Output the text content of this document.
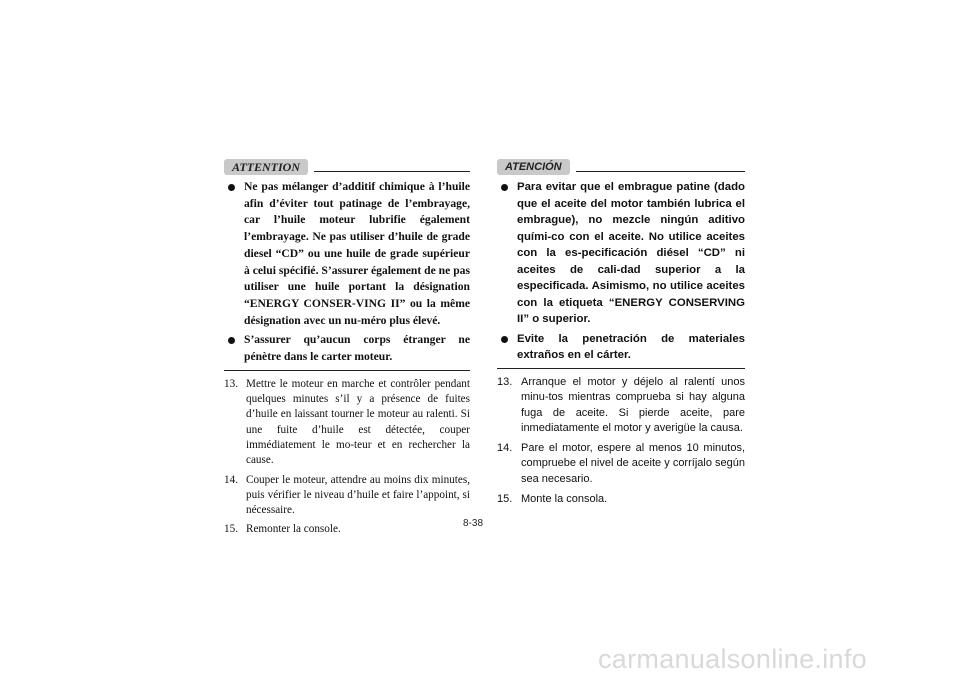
ATTENTION
Ne pas mélanger d’additif chimique à l’huile afin d’éviter tout patinage de l’embrayage, car l’huile moteur lubrifie également l’embrayage. Ne pas utiliser d’huile de grade diesel “CD” ou une huile de grade supérieur à celui spécifié. S’assurer également de ne pas utiliser une huile portant la désignation “ENERGY CONSER-VING II” ou la même désignation avec un nu-méro plus élevé.
S’assurer qu’aucun corps étranger ne pénètre dans le carter moteur.
13. Mettre le moteur en marche et contrôler pendant quelques minutes s’il y a présence de fuites d’huile en laissant tourner le moteur au ralenti. Si une fuite d’huile est détectée, couper immédiatement le mo-teur et en rechercher la cause.
14. Couper le moteur, attendre au moins dix minutes, puis vérifier le niveau d’huile et faire l’appoint, si nécessaire.
15. Remonter la console.
ATENCIÓN
Para evitar que el embrague patine (dado que el aceite del motor también lubrica el embrague), no mezcle ningún aditivo quími-co con el aceite. No utilice aceites con la es-pecificación diésel “CD” ni aceites de cali-dad superior a la especificada. Asimismo, no utilice aceites con la etiqueta “ENERGY CONSERVING II” o superior.
Evite la penetración de materiales extraños en el cárter.
13. Arranque el motor y déjelo al ralentí unos minu-tos mientras comprueba si hay alguna fuga de aceite. Si pierde aceite, pare inmediatamente el motor y averigüe la causa.
14. Pare el motor, espere al menos 10 minutos, compruebe el nivel de aceite y corríjalo según sea necesario.
15. Monte la consola.
8-38
carmanualsonline.info
